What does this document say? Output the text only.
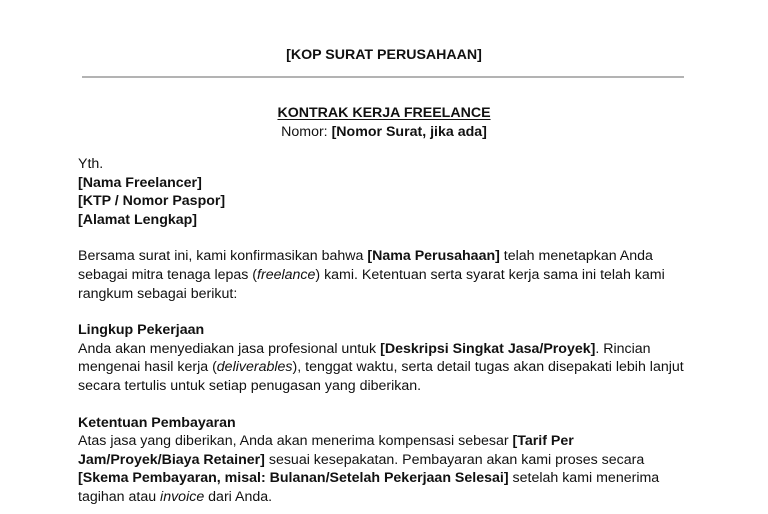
[KOP SURAT PERUSAHAAN]
KONTRAK KERJA FREELANCE
Nomor: [Nomor Surat, jika ada]
Yth.
[Nama Freelancer]
[KTP / Nomor Paspor]
[Alamat Lengkap]

Bersama surat ini, kami konfirmasikan bahwa [Nama Perusahaan] telah menetapkan Anda sebagai mitra tenaga lepas (freelance) kami. Ketentuan serta syarat kerja sama ini telah kami rangkum sebagai berikut:

Lingkup Pekerjaan

Anda akan menyediakan jasa profesional untuk [Deskripsi Singkat Jasa/Proyek]. Rincian mengenai hasil kerja (deliverables), tenggat waktu, serta detail tugas akan disepakati lebih lanjut secara tertulis untuk setiap penugasan yang diberikan.

Ketentuan Pembayaran

Atas jasa yang diberikan, Anda akan menerima kompensasi sebesar [Tarif Per Jam/Proyek/Biaya Retainer] sesuai kesepakatan. Pembayaran akan kami proses secara [Skema Pembayaran, misal: Bulanan/Setelah Pekerjaan Selesai] setelah kami menerima tagihan atau invoice dari Anda.
